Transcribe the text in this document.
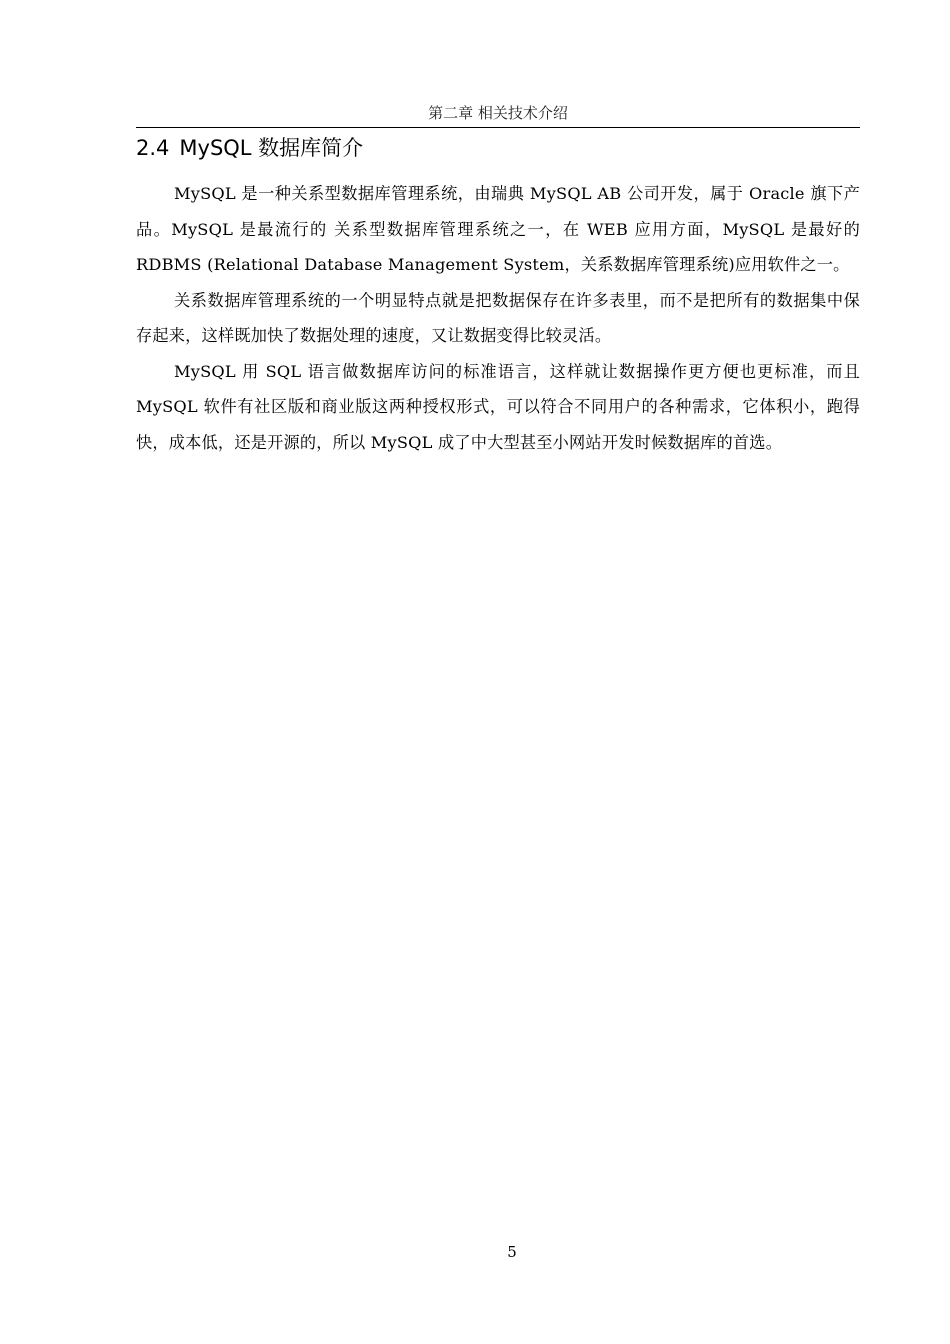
第二章 相关技术介绍
2.4 MySQL 数据库简介

MySQL 是一种关系型数据库管理系统，由瑞典 MySQL AB 公司开发，属于 Oracle 旗下产品。MySQL 是最流行的 关系型数据库管理系统之一，在 WEB 应用方面，MySQL 是最好的 RDBMS (Relational Database Management System，关系数据库管理系统)应用软件之一。

关系数据库管理系统的一个明显特点就是把数据保存在许多表里，而不是把所有的数据集中保存起来，这样既加快了数据处理的速度，又让数据变得比较灵活。

MySQL 用 SQL 语言做数据库访问的标准语言，这样就让数据操作更方便也更标准，而且 MySQL 软件有社区版和商业版这两种授权形式，可以符合不同用户的各种需求，它体积小，跑得快，成本低，还是开源的，所以 MySQL 成了中大型甚至小网站开发时候数据库的首选。

5
